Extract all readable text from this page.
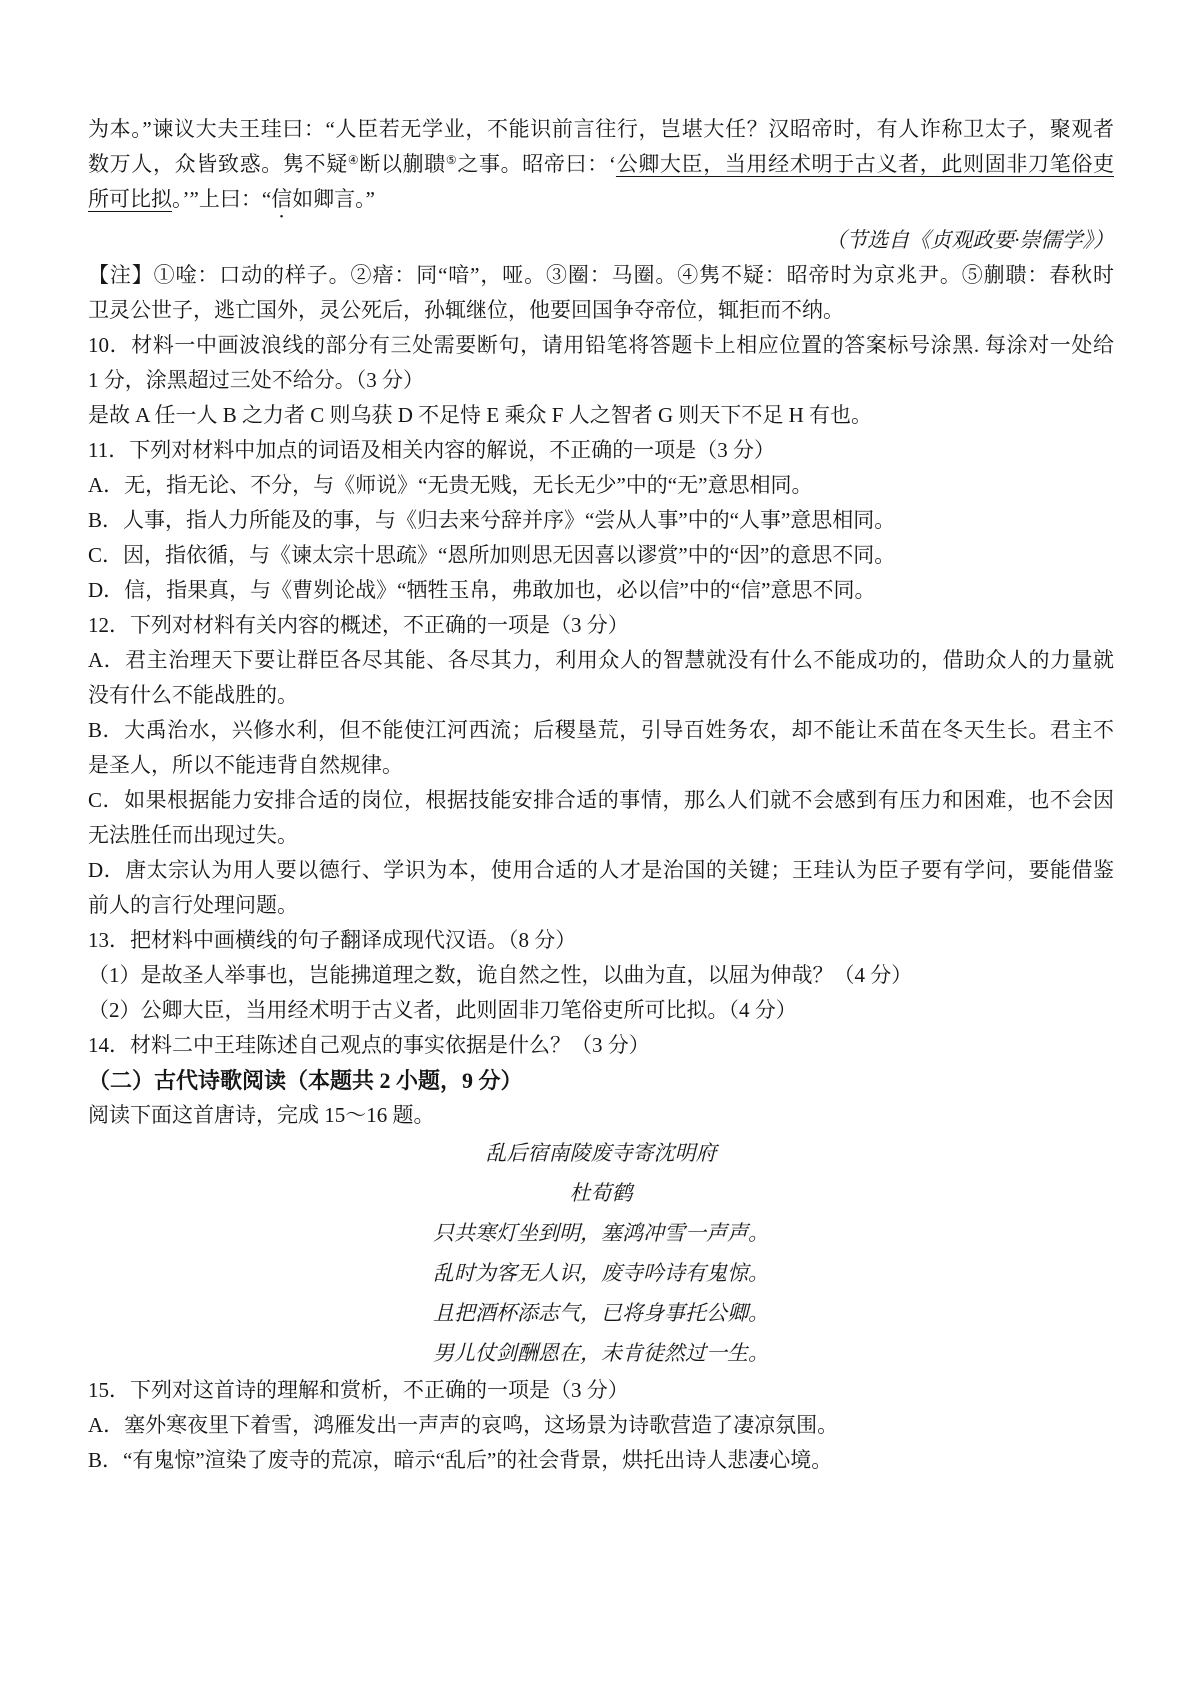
为本。”谏议大夫王珪曰：“人臣若无学业，不能识前言往行，岂堪大任？汉昭帝时，有人诈称卫太子，聚观者
数万人，众皆致惑。隽不疑④断以蒯聩⑤之事。昭帝曰：‘公卿大臣，当用经术明于古义者，此则固非刀笔俗吏
所可比拟。’”上曰：“信如卿言。”
（节选自《贞观政要·崇儒学》）
【注】①唫：口动的样子。②瘖：同“喑”，哑。③圈：马圈。④隽不疑：昭帝时为京兆尹。⑤蒯聩：春秋时
卫灵公世子，逃亡国外，灵公死后，孙辄继位，他要回国争夺帝位，辄拒而不纳。
10．材料一中画波浪线的部分有三处需要断句，请用铅笔将答题卡上相应位置的答案标号涂黑. 每涂对一处给
1 分，涂黑超过三处不给分。（3 分）
是故 A 任一人 B 之力者 C 则乌获 D 不足恃 E 乘众 F 人之智者 G 则天下不足 H 有也。
11．下列对材料中加点的词语及相关内容的解说，不正确的一项是（3 分）
A．无，指无论、不分，与《师说》“无贵无贱，无长无少”中的“无”意思相同。
B．人事，指人力所能及的事，与《归去来兮辞并序》“尝从人事”中的“人事”意思相同。
C．因，指依循，与《谏太宗十思疏》“恩所加则思无因喜以谬赏”中的“因”的意思不同。
D．信，指果真，与《曹刿论战》“牺牲玉帛，弗敢加也，必以信”中的“信”意思不同。
12．下列对材料有关内容的概述，不正确的一项是（3 分）
A．君主治理天下要让群臣各尽其能、各尽其力，利用众人的智慧就没有什么不能成功的，借助众人的力量就
没有什么不能战胜的。
B．大禹治水，兴修水利，但不能使江河西流；后稷垦荒，引导百姓务农，却不能让禾苗在冬天生长。君主不
是圣人，所以不能违背自然规律。
C．如果根据能力安排合适的岗位，根据技能安排合适的事情，那么人们就不会感到有压力和困难，也不会因
无法胜任而出现过失。
D．唐太宗认为用人要以德行、学识为本，使用合适的人才是治国的关键；王珪认为臣子要有学问，要能借鉴
前人的言行处理问题。
13．把材料中画横线的句子翻译成现代汉语。（8 分）
（1）是故圣人举事也，岂能拂道理之数，诡自然之性，以曲为直，以屈为伸哉？（4 分）
（2）公卿大臣，当用经术明于古义者，此则固非刀笔俗吏所可比拟。（4 分）
14．材料二中王珪陈述自己观点的事实依据是什么？（3 分）
（二）古代诗歌阅读（本题共 2 小题，9 分）
阅读下面这首唐诗，完成 15～16 题。
乱后宿南陵废寺寄沈明府
杜荀鹤
只共寒灯坐到明，塞鸿冲雪一声声。
乱时为客无人识，废寺吟诗有鬼惊。
且把酒杯添志气，已将身事托公卿。
男儿仗剑酬恩在，未肯徒然过一生。
15．下列对这首诗的理解和赏析，不正确的一项是（3 分）
A．塞外寒夜里下着雪，鸿雁发出一声声的哀鸣，这场景为诗歌营造了凄凉氛围。
B．“有鬼惊”渲染了废寺的荒凉，暗示“乱后”的社会背景，烘托出诗人悲凄心境。
